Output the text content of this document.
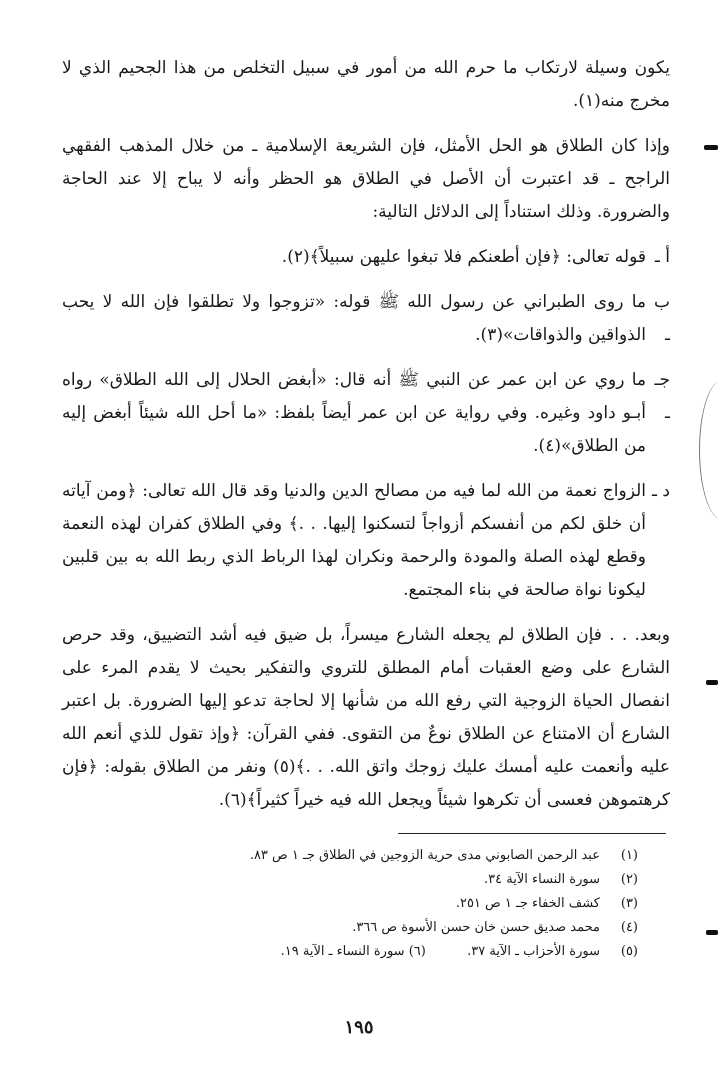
يكون وسيلة لارتكاب ما حرم الله من أمور في سبيل التخلص من هذا الجحيم الذي لا مخرج منه(١).

وإذا كان الطلاق هو الحل الأمثل، فإن الشريعة الإسلامية ـ من خلال المذهب الفقهي الراجح ـ قد اعتبرت أن الأصل في الطلاق هو الحظر وأنه لا يباح إلا عند الحاجة والضرورة. وذلك استناداً إلى الدلائل التالية:

أ ـ

قوله تعالى: ﴿فإن أطعنكم فلا تبغوا عليهن سبيلاً﴾(٢).

ب ـ

ما روى الطبراني عن رسول الله ﷺ قوله: «تزوجوا ولا تطلقوا فإن الله لا يحب الذواقين والذواقات»(٣).

جـ ـ

ما روي عن ابن عمر عن النبي ﷺ أنه قال: «أبغض الحلال إلى الله الطلاق» رواه أبـو داود وغيره. وفي رواية عن ابن عمر أيضاً بلفظ: «ما أحل الله شيئاً أبغض إليه من الطلاق»(٤).

د ـ

الزواج نعمة من الله لما فيه من مصالح الدين والدنيا وقد قال الله تعالى: ﴿ومن آياته أن خلق لكم من أنفسكم أزواجاً لتسكنوا إليها. . .﴾ وفي الطلاق كفران لهذه النعمة وقطع لهذه الصلة والمودة والرحمة ونكران لهذا الرباط الذي ربط الله به بين قلبين ليكونا نواة صالحة في بناء المجتمع.

وبعد. . . فإن الطلاق لم يجعله الشارع ميسراً، بل ضيق فيه أشد التضييق، وقد حرص الشارع على وضع العقبات أمام المطلق للتروي والتفكير بحيث لا يقدم المرء على انفصال الحياة الزوجية التي رفع الله من شأنها إلا لحاجة تدعو إليها الضرورة. بل اعتبر الشارع أن الامتناع عن الطلاق نوعٌ من التقوى. ففي القرآن: ﴿وإذ تقول للذي أنعم الله عليه وأنعمت عليه أمسك عليك زوجك واتق الله. . .﴾(٥) ونفر من الطلاق بقوله: ﴿فإن كرهتموهن فعسى أن تكرهوا شيئاً ويجعل الله فيه خيراً كثيراً﴾(٦).

(١)
عبد الرحمن الصابوني مدى حرية الزوجين في الطلاق جـ ١ ص ٨٣.
(٢)
سورة النساء الآية ٣٤.
(٣)
كشف الخفاء جـ ١ ص ٢٥١.
(٤)
محمد صديق حسن خان حسن الأسوة ص ٣٦٦.
(٥)
سورة الأحزاب ـ الآية ٣٧.          (٦) سورة النساء ـ الآية ١٩.
١٩٥
